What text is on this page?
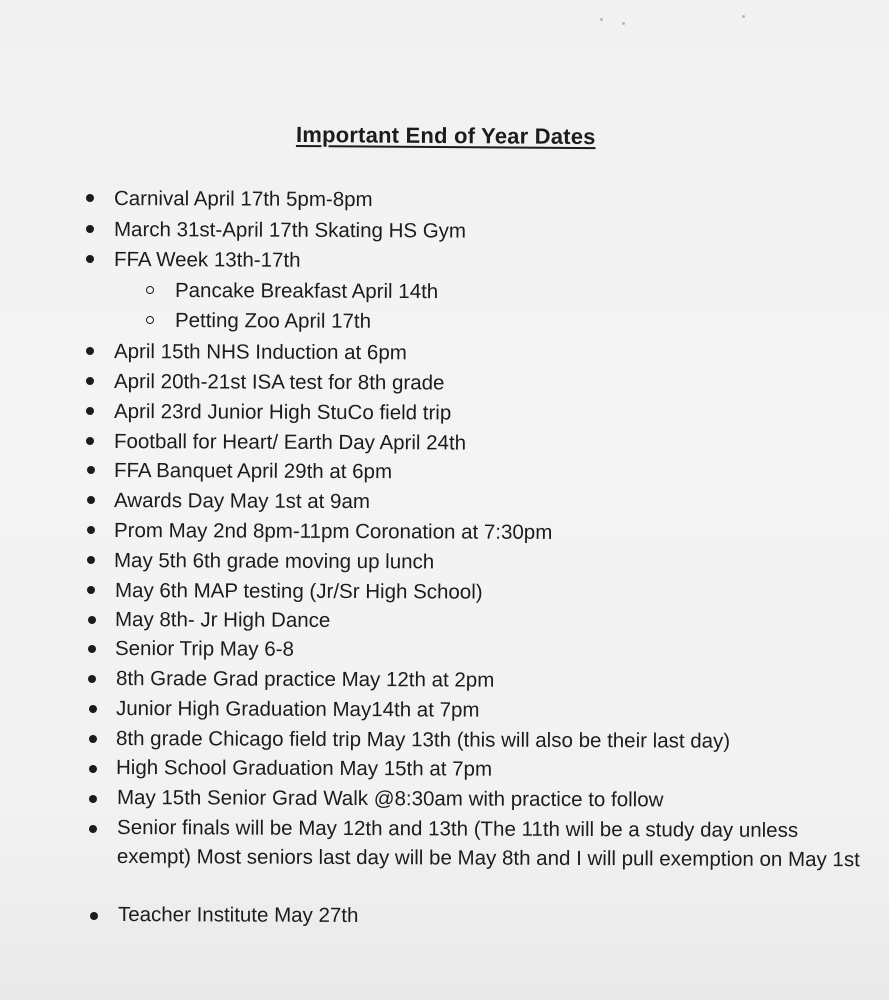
Important End of Year Dates
Carnival April 17th 5pm-8pm
March 31st-April 17th Skating HS Gym
FFA Week 13th-17th
Pancake Breakfast April 14th
Petting Zoo April 17th
April 15th NHS Induction at 6pm
April 20th-21st ISA test for 8th grade
April 23rd Junior High StuCo field trip
Football for Heart/ Earth Day April 24th
FFA Banquet April 29th at 6pm
Awards Day May 1st at 9am
Prom May 2nd 8pm-11pm Coronation at 7:30pm
May 5th 6th grade moving up lunch
May 6th MAP testing (Jr/Sr High School)
May 8th- Jr High Dance
Senior Trip May 6-8
8th Grade Grad practice May 12th at 2pm
Junior High Graduation May14th at 7pm
8th grade Chicago field trip May 13th (this will also be their last day)
High School Graduation May 15th at 7pm
May 15th Senior Grad Walk @8:30am with practice to follow
Senior finals will be May 12th and 13th (The 11th will be a study day unless exempt) Most seniors last day will be May 8th and I will pull exemption on May 1st
Teacher Institute May 27th
